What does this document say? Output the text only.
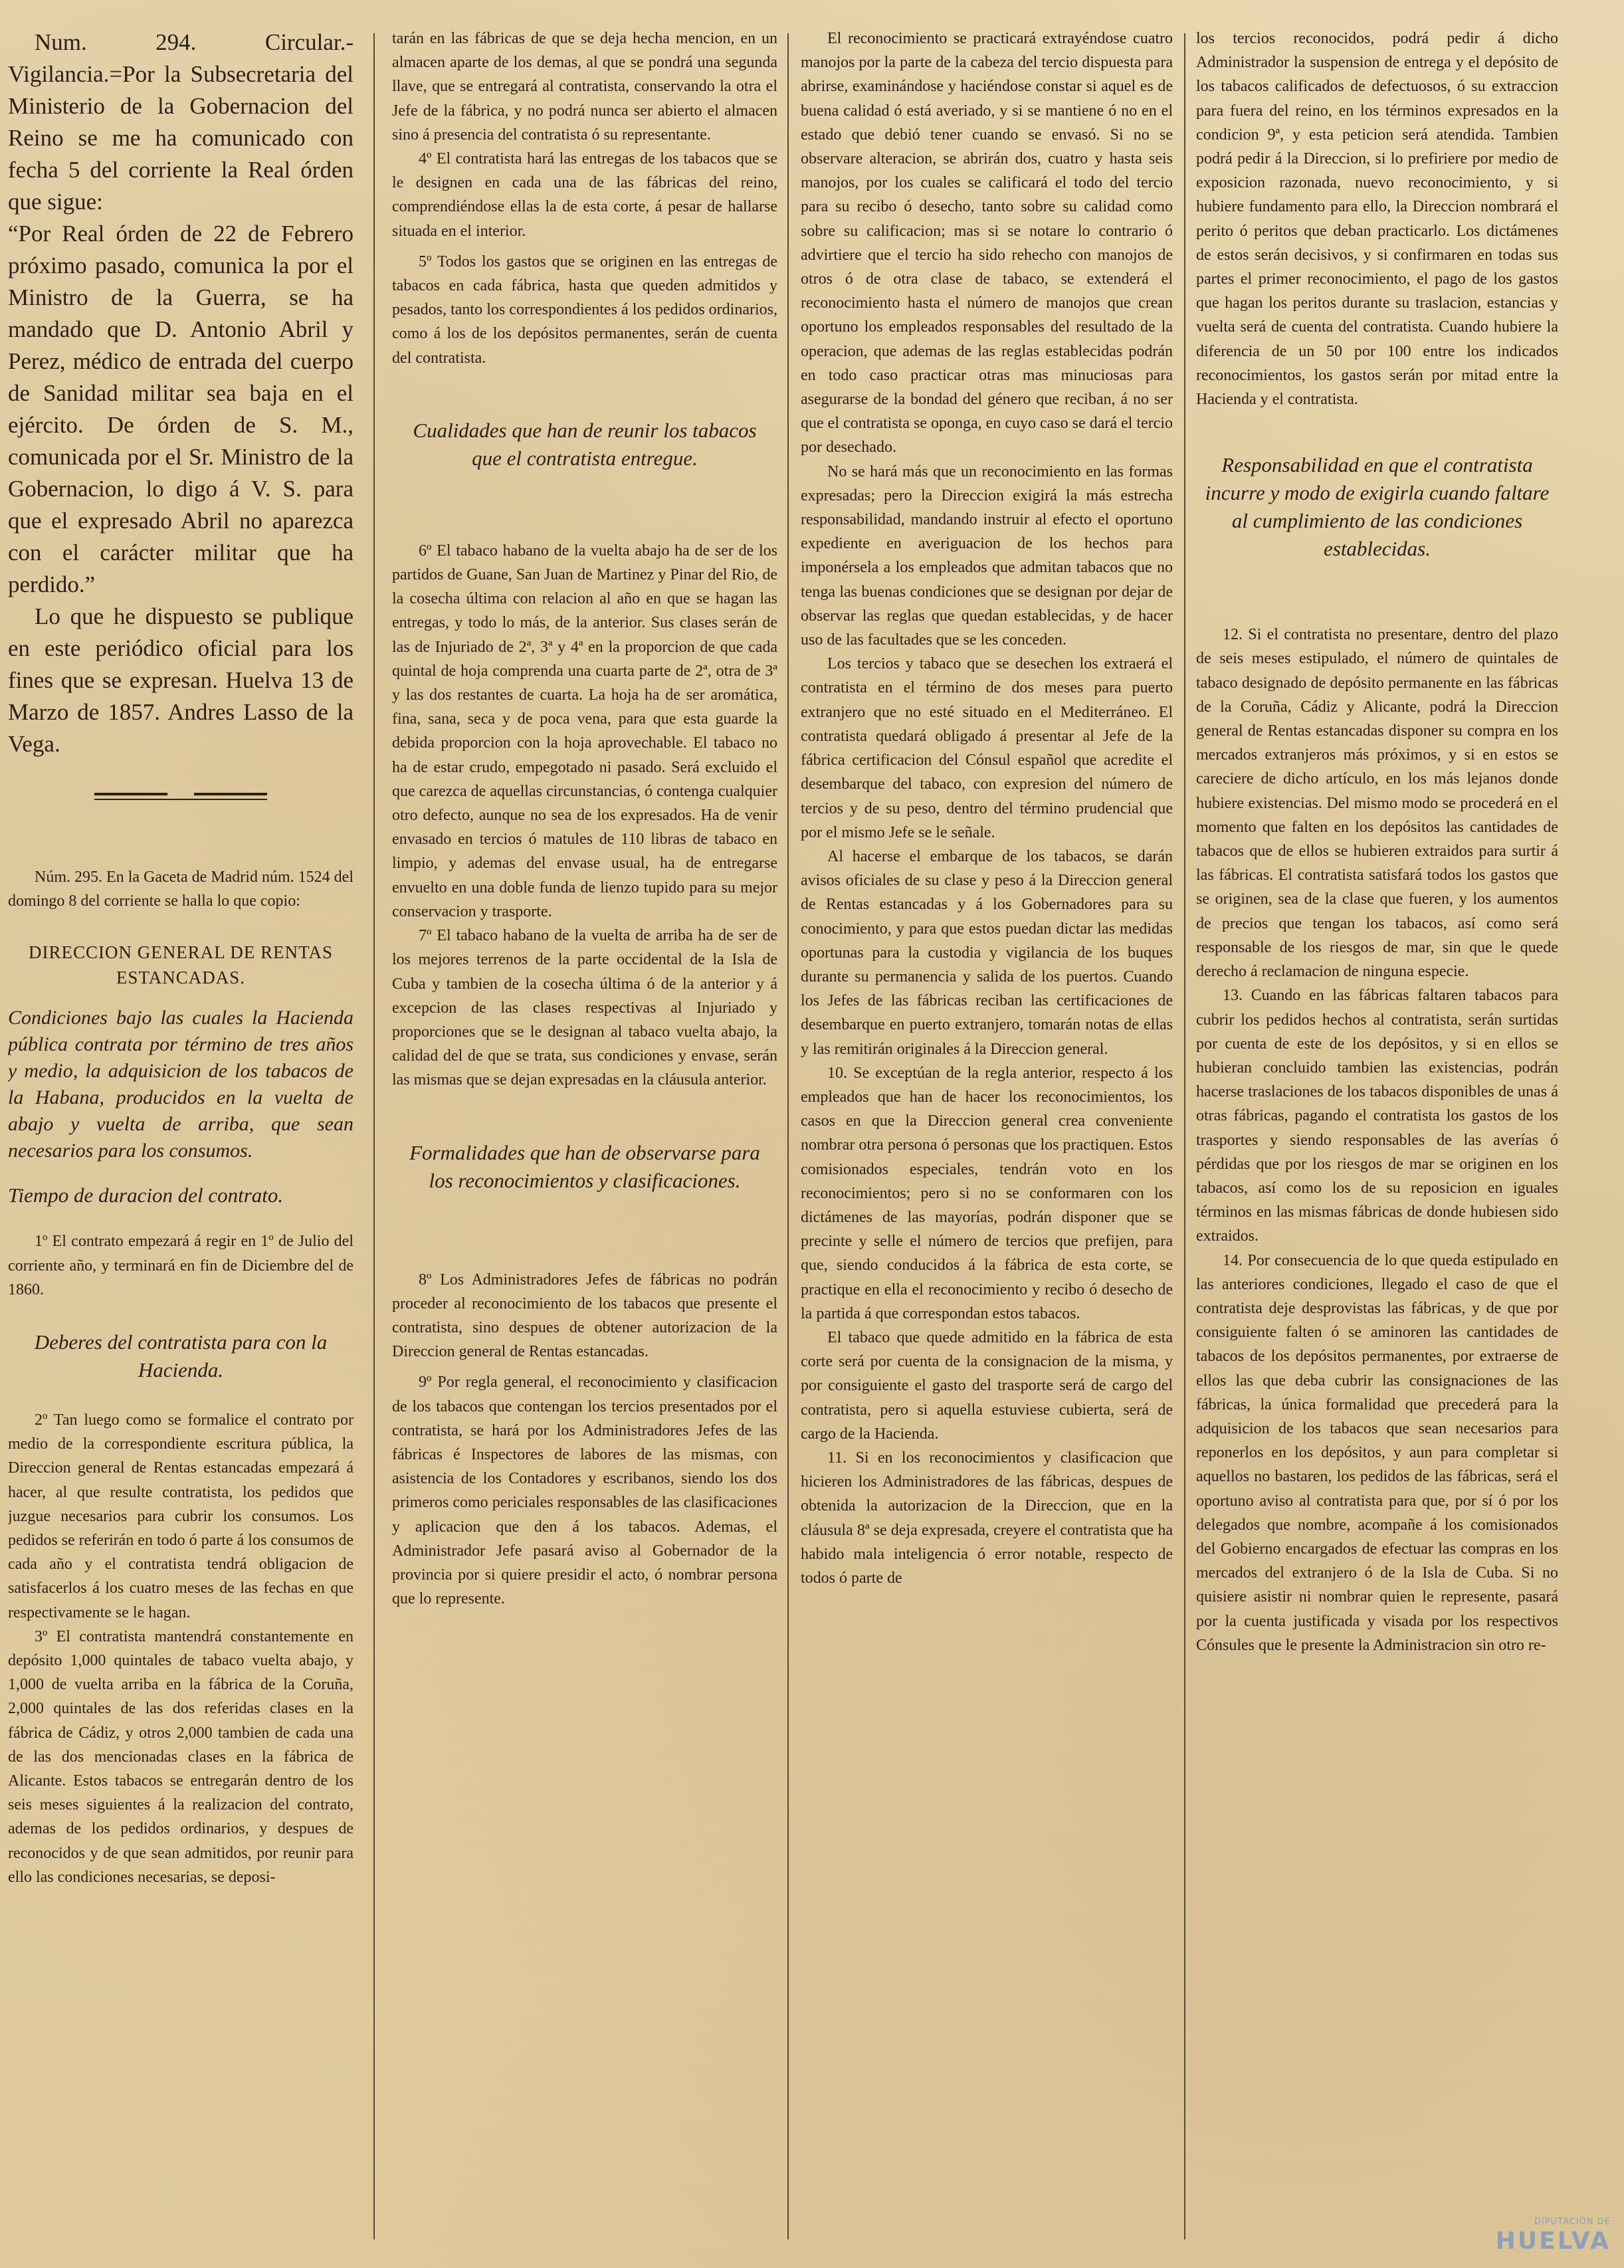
Num. 294. Circular.-Vigilancia.=Por la Subsecretaria del Ministerio de la Gobernacion del Reino se me ha comunicado con fecha 5 del corriente la Real órden que sigue:

“Por Real órden de 22 de Febrero próximo pasado, comunica la por el Ministro de la Guerra, se ha mandado que D. Antonio Abril y Perez, médico de entrada del cuerpo de Sanidad militar sea baja en el ejército. De órden de S. M., comunicada por el Sr. Ministro de la Gobernacion, lo digo á V. S. para que el expresado Abril no aparezca con el carácter militar que ha perdido.”

Lo que he dispuesto se publique en este periódico oficial para los fines que se expresan. Huelva 13 de Marzo de 1857. Andres Lasso de la Vega.

Núm. 295. En la Gaceta de Madrid núm. 1524 del domingo 8 del corriente se halla lo que copio:

DIRECCION GENERAL DE RENTAS ESTANCADAS.

Condiciones bajo las cuales la Hacienda pública contrata por término de tres años y medio, la adquisicion de los tabacos de la Habana, producidos en la vuelta de abajo y vuelta de arriba, que sean necesarios para los consumos.

Tiempo de duracion del contrato.

1º El contrato empezará á regir en 1º de Julio del corriente año, y terminará en fin de Diciembre del de 1860.

Deberes del contratista para con la Hacienda.

2º Tan luego como se formalice el contrato por medio de la correspondiente escritura pública, la Direccion general de Rentas estancadas empezará á hacer, al que resulte contratista, los pedidos que juzgue necesarios para cubrir los consumos. Los pedidos se referirán en todo ó parte á los consumos de cada año y el contratista tendrá obligacion de satisfacerlos á los cuatro meses de las fechas en que respectivamente se le hagan.

3º El contratista mantendrá constantemente en depósito 1,000 quintales de tabaco vuelta abajo, y 1,000 de vuelta arriba en la fábrica de la Coruña, 2,000 quintales de las dos referidas clases en la fábrica de Cádiz, y otros 2,000 tambien de cada una de las dos mencionadas clases en la fábrica de Alicante. Estos tabacos se entregarán dentro de los seis meses siguientes á la realizacion del contrato, ademas de los pedidos ordinarios, y despues de reconocidos y de que sean admitidos, por reunir para ello las condiciones necesarias, se deposi-

tarán en las fábricas de que se deja hecha mencion, en un almacen aparte de los demas, al que se pondrá una segunda llave, que se entregará al contratista, conservando la otra el Jefe de la fábrica, y no podrá nunca ser abierto el almacen sino á presencia del contratista ó su representante.

4º El contratista hará las entregas de los tabacos que se le designen en cada una de las fábricas del reino, comprendiéndose ellas la de esta corte, á pesar de hallarse situada en el interior.

5º Todos los gastos que se originen en las entregas de tabacos en cada fábrica, hasta que queden admitidos y pesados, tanto los correspondientes á los pedidos ordinarios, como á los de los depósitos permanentes, serán de cuenta del contratista.

Cualidades que han de reunir los tabacos que el contratista entregue.

6º El tabaco habano de la vuelta abajo ha de ser de los partidos de Guane, San Juan de Martinez y Pinar del Rio, de la cosecha última con relacion al año en que se hagan las entregas, y todo lo más, de la anterior. Sus clases serán de las de Injuriado de 2ª, 3ª y 4ª en la proporcion de que cada quintal de hoja comprenda una cuarta parte de 2ª, otra de 3ª y las dos restantes de cuarta. La hoja ha de ser aromática, fina, sana, seca y de poca vena, para que esta guarde la debida proporcion con la hoja aprovechable. El tabaco no ha de estar crudo, empegotado ni pasado. Será excluido el que carezca de aquellas circunstancias, ó contenga cualquier otro defecto, aunque no sea de los expresados. Ha de venir envasado en tercios ó matules de 110 libras de tabaco en limpio, y ademas del envase usual, ha de entregarse envuelto en una doble funda de lienzo tupido para su mejor conservacion y trasporte.

7º El tabaco habano de la vuelta de arriba ha de ser de los mejores terrenos de la parte occidental de la Isla de Cuba y tambien de la cosecha última ó de la anterior y á excepcion de las clases respectivas al Injuriado y proporciones que se le designan al tabaco vuelta abajo, la calidad del de que se trata, sus condiciones y envase, serán las mismas que se dejan expresadas en la cláusula anterior.

Formalidades que han de observarse para los reconocimientos y clasificaciones.

8º Los Administradores Jefes de fábricas no podrán proceder al reconocimiento de los tabacos que presente el contratista, sino despues de obtener autorizacion de la Direccion general de Rentas estancadas.

9º Por regla general, el reconocimiento y clasificacion de los tabacos que contengan los tercios presentados por el contratista, se hará por los Administradores Jefes de las fábricas é Inspectores de labores de las mismas, con asistencia de los Contadores y escribanos, siendo los dos primeros como periciales responsables de las clasificaciones y aplicacion que den á los tabacos. Ademas, el Administrador Jefe pasará aviso al Gobernador de la provincia por si quiere presidir el acto, ó nombrar persona que lo represente.

El reconocimiento se practicará extrayéndose cuatro manojos por la parte de la cabeza del tercio dispuesta para abrirse, examinándose y haciéndose constar si aquel es de buena calidad ó está averiado, y si se mantiene ó no en el estado que debió tener cuando se envasó. Si no se observare alteracion, se abrirán dos, cuatro y hasta seis manojos, por los cuales se calificará el todo del tercio para su recibo ó desecho, tanto sobre su calidad como sobre su calificacion; mas si se notare lo contrario ó advirtiere que el tercio ha sido rehecho con manojos de otros ó de otra clase de tabaco, se extenderá el reconocimiento hasta el número de manojos que crean oportuno los empleados responsables del resultado de la operacion, que ademas de las reglas establecidas podrán en todo caso practicar otras mas minuciosas para asegurarse de la bondad del género que reciban, á no ser que el contratista se oponga, en cuyo caso se dará el tercio por desechado.

No se hará más que un reconocimiento en las formas expresadas; pero la Direccion exigirá la más estrecha responsabilidad, mandando instruir al efecto el oportuno expediente en averiguacion de los hechos para imponérsela a los empleados que admitan tabacos que no tenga las buenas condiciones que se designan por dejar de observar las reglas que quedan establecidas, y de hacer uso de las facultades que se les conceden.

Los tercios y tabaco que se desechen los extraerá el contratista en el término de dos meses para puerto extranjero que no esté situado en el Mediterráneo. El contratista quedará obligado á presentar al Jefe de la fábrica certificacion del Cónsul español que acredite el desembarque del tabaco, con expresion del número de tercios y de su peso, dentro del término prudencial que por el mismo Jefe se le señale.

Al hacerse el embarque de los tabacos, se darán avisos oficiales de su clase y peso á la Direccion general de Rentas estancadas y á los Gobernadores para su conocimiento, y para que estos puedan dictar las medidas oportunas para la custodia y vigilancia de los buques durante su permanencia y salida de los puertos. Cuando los Jefes de las fábricas reciban las certificaciones de desembarque en puerto extranjero, tomarán notas de ellas y las remitirán originales á la Direccion general.

10. Se exceptúan de la regla anterior, respecto á los empleados que han de hacer los reconocimientos, los casos en que la Direccion general crea conveniente nombrar otra persona ó personas que los practiquen. Estos comisionados especiales, tendrán voto en los reconocimientos; pero si no se conformaren con los dictámenes de las mayorías, podrán disponer que se precinte y selle el número de tercios que prefijen, para que, siendo conducidos á la fábrica de esta corte, se practique en ella el reconocimiento y recibo ó desecho de la partida á que correspondan estos tabacos.

El tabaco que quede admitido en la fábrica de esta corte será por cuenta de la consignacion de la misma, y por consiguiente el gasto del trasporte será de cargo del contratista, pero si aquella estuviese cubierta, será de cargo de la Hacienda.

11. Si en los reconocimientos y clasificacion que hicieren los Administradores de las fábricas, despues de obtenida la autorizacion de la Direccion, que en la cláusula 8ª se deja expresada, creyere el contratista que ha habido mala inteligencia ó error notable, respecto de todos ó parte de

los tercios reconocidos, podrá pedir á dicho Administrador la suspension de entrega y el depósito de los tabacos calificados de defectuosos, ó su extraccion para fuera del reino, en los términos expresados en la condicion 9ª, y esta peticion será atendida. Tambien podrá pedir á la Direccion, si lo prefiriere por medio de exposicion razonada, nuevo reconocimiento, y si hubiere fundamento para ello, la Direccion nombrará el perito ó peritos que deban practicarlo. Los dictámenes de estos serán decisivos, y si confirmaren en todas sus partes el primer reconocimiento, el pago de los gastos que hagan los peritos durante su traslacion, estancias y vuelta será de cuenta del contratista. Cuando hubiere la diferencia de un 50 por 100 entre los indicados reconocimientos, los gastos serán por mitad entre la Hacienda y el contratista.

Responsabilidad en que el contratista incurre y modo de exigirla cuando faltare al cumplimiento de las condiciones establecidas.

12. Si el contratista no presentare, dentro del plazo de seis meses estipulado, el número de quintales de tabaco designado de depósito permanente en las fábricas de la Coruña, Cádiz y Alicante, podrá la Direccion general de Rentas estancadas disponer su compra en los mercados extranjeros más próximos, y si en estos se careciere de dicho artículo, en los más lejanos donde hubiere existencias. Del mismo modo se procederá en el momento que falten en los depósitos las cantidades de tabacos que de ellos se hubieren extraidos para surtir á las fábricas. El contratista satisfará todos los gastos que se originen, sea de la clase que fueren, y los aumentos de precios que tengan los tabacos, así como será responsable de los riesgos de mar, sin que le quede derecho á reclamacion de ninguna especie.

13. Cuando en las fábricas faltaren tabacos para cubrir los pedidos hechos al contratista, serán surtidas por cuenta de este de los depósitos, y si en ellos se hubieran concluido tambien las existencias, podrán hacerse traslaciones de los tabacos disponibles de unas á otras fábricas, pagando el contratista los gastos de los trasportes y siendo responsables de las averías ó pérdidas que por los riesgos de mar se originen en los tabacos, así como los de su reposicion en iguales términos en las mismas fábricas de donde hubiesen sido extraidos.

14. Por consecuencia de lo que queda estipulado en las anteriores condiciones, llegado el caso de que el contratista deje desprovistas las fábricas, y de que por consiguiente falten ó se aminoren las cantidades de tabacos de los depósitos permanentes, por extraerse de ellos las que deba cubrir las consignaciones de las fábricas, la única formalidad que precederá para la adquisicion de los tabacos que sean necesarios para reponerlos en los depósitos, y aun para completar si aquellos no bastaren, los pedidos de las fábricas, será el oportuno aviso al contratista para que, por sí ó por los delegados que nombre, acompañe á los comisionados del Gobierno encargados de efectuar las compras en los mercados del extranjero ó de la Isla de Cuba. Si no quisiere asistir ni nombrar quien le represente, pasará por la cuenta justificada y visada por los respectivos Cónsules que le presente la Administracion sin otro re-

DIPUTACIÓN DE
HUELVA
